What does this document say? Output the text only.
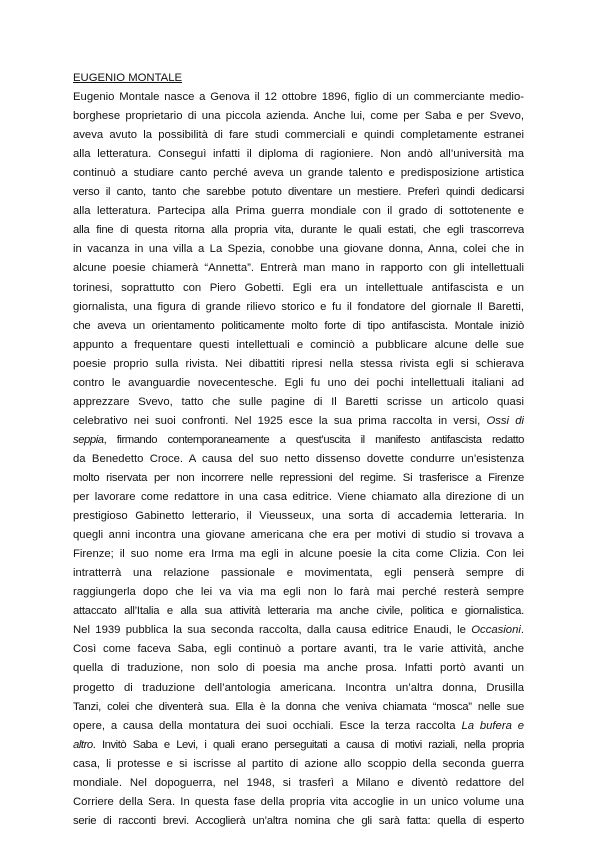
EUGENIO MONTALE
Eugenio Montale nasce a Genova il 12 ottobre 1896, figlio di un commerciante medio-
borghese proprietario di una piccola azienda. Anche lui, come per Saba e per Svevo,
aveva avuto la possibilità di fare studi commerciali e quindi completamente estranei
alla letteratura. Conseguì infatti il diploma di ragioniere. Non andò all’università ma
continuò a studiare canto perché aveva un grande talento e predisposizione artistica
verso il canto, tanto che sarebbe potuto diventare un mestiere. Preferì quindi dedicarsi
alla letteratura. Partecipa alla Prima guerra mondiale con il grado di sottotenente e
alla fine di questa ritorna alla propria vita, durante le quali estati, che egli trascorreva
in vacanza in una villa a La Spezia, conobbe una giovane donna, Anna, colei che in
alcune poesie chiamerà “Annetta”. Entrerà man mano in rapporto con gli intellettuali
torinesi, soprattutto con Piero Gobetti. Egli era un intellettuale antifascista e un
giornalista, una figura di grande rilievo storico e fu il fondatore del giornale Il Baretti,
che aveva un orientamento politicamente molto forte di tipo antifascista. Montale iniziò
appunto a frequentare questi intellettuali e cominciò a pubblicare alcune delle sue
poesie proprio sulla rivista. Nei dibattiti ripresi nella stessa rivista egli si schierava
contro le avanguardie novecentesche. Egli fu uno dei pochi intellettuali italiani ad
apprezzare Svevo, tatto che sulle pagine di Il Baretti scrisse un articolo quasi
celebrativo nei suoi confronti. Nel 1925 esce la sua prima raccolta in versi, Ossi di
seppia, firmando contemporaneamente a quest’uscita il manifesto antifascista redatto
da Benedetto Croce. A causa del suo netto dissenso dovette condurre un’esistenza
molto riservata per non incorrere nelle repressioni del regime. Si trasferisce a Firenze
per lavorare come redattore in una casa editrice. Viene chiamato alla direzione di un
prestigioso Gabinetto letterario, il Vieusseux, una sorta di accademia letteraria. In
quegli anni incontra una giovane americana che era per motivi di studio si trovava a
Firenze; il suo nome era Irma ma egli in alcune poesie la cita come Clizia. Con lei
intratterrà una relazione passionale e movimentata, egli penserà sempre di
raggiungerla dopo che lei va via ma egli non lo farà mai perché resterà sempre
attaccato all’Italia e alla sua attività letteraria ma anche civile, politica e giornalistica.
Nel 1939 pubblica la sua seconda raccolta, dalla causa editrice Enaudi, le Occasioni.
Così come faceva Saba, egli continuò a portare avanti, tra le varie attività, anche
quella di traduzione, non solo di poesia ma anche prosa. Infatti portò avanti un
progetto di traduzione dell’antologia americana. Incontra un’altra donna, Drusilla
Tanzi, colei che diventerà sua. Ella è la donna che veniva chiamata “mosca” nelle sue
opere, a causa della montatura dei suoi occhiali. Esce la terza raccolta La bufera e
altro. Invitò Saba e Levi, i quali erano perseguitati a causa di motivi raziali, nella propria
casa, li protesse e si iscrisse al partito di azione allo scoppio della seconda guerra
mondiale. Nel dopoguerra, nel 1948, si trasferì a Milano e diventò redattore del
Corriere della Sera. In questa fase della propria vita accoglie in un unico volume una
serie di racconti brevi. Accoglierà un’altra nomina che gli sarà fatta: quella di esperto
